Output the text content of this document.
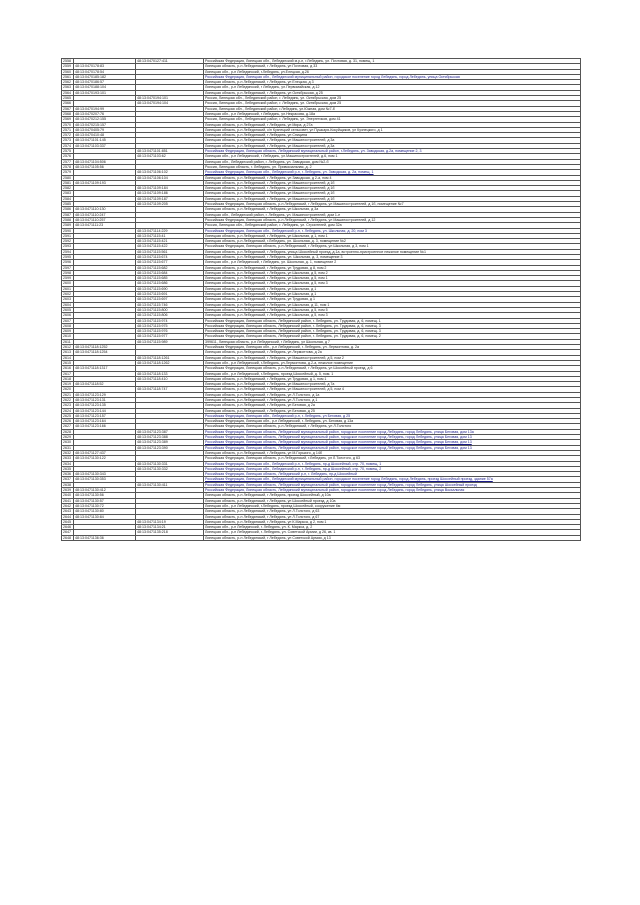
2558		48:13:0470127:411	Российская Федерация, Липецкая обл., Лебедянский м.р-н, г.Лебедянь, ул. Почтовая, д. 31, помещ. 1
2559	48:13:0470178:83		Липецкая область, р-н Лебедянский, г Лебедянь, ул Почтовая, д 33
2560	48:13:0470178:54		Липецкая обл., р-н Лебедянский, г.Лебедянь, ул.Елецкая, д.26
2561	48:13:0470185:182		Российская Федерация, Липецкая обл., Лебедянский муниципальный район, городское поселение город Лебедянь, город Лебедянь, улица Октябрьская
2562	48:13:0470186:57		Липецкая область, р-н Лебедянский, г Лебедянь, ул Елецкая, д 3
2563	48:13:0470188:104		Липецкая обл., р-н Лебедянский, г Лебедянь, ул.Первомайская, д.12
2564	48:13:0470193:101		Липецкая область, р-н Лебедянский, г Лебедянь, ул Октябрьская, д 25
2565		48:13:0470194:101	Россия, Липецкая обл., Лебедянский район, г. Лебедянь, ул. Октябрьская, дом 25
2566		48:13:0470194:104	Россия, Липецкая обл., Лебедянский район, г. Лебедянь, ул. Октябрьская, дом 25
2567	48:13:0470194:99		Россия, Липецкая обл., Лебедянский район, г.Лебедянь, ул.Южная, дом №7-б
2568	48:13:0470207:76		Липецкая обл., р-н Лебедянский, г Лебедянь, ул.Некрасова, д.18а
2569	48:13:0470212:155		Россия, Липецкая обл., Лебедянский район, г. Лебедянь, ул. Энергетиков, дом 41
2570	48:13:0470215:157		Липецкая область, р-н Лебедянский, г Лебедянь, ул Мира, д 27а
2571	48:13:0470405:79		Липецкая область, р-н Лебедянский, с/п Кузнецкий сельсовет, ул Пушкаря-Кокуйщиков, ул Кузнецкого, д 1
2572	48:13:0470410:48		Липецкая область, р-н Лебедянский, г Лебедянь, ул Спицина
2573	48:13:0471101:145		Липецкая область, р-н Лебедянский, г Лебедянь, ул Машиностроителей, д 3а
2574	48:13:0471103:337		Липецкая область, р-н Лебедянский, г Лебедянь, ул Машиностроителей, д 3а
2575		48:13:0471101:851	Российская Федерация, Липецкая область, Лебедянский муниципальный район, г.Лебедянь, ул. Заводская, д.2а, помещение 2, 3
2576		48:13:0471103:62	Липецкая обл., р-н Лебедянский, г Лебедянь, ул.Машиностроителей, д.6, пом 1
2577	48:13:0471104:506		Липецкая обл., Лебедянский район, г. Лебедянь, ул. Заводская, дом №2-б
2578	48:13:0471105:56		Россия, Липецкая область, г. Лебедянь, ул. Привокзальная, д. 2
2579		48:13:0471106:102	Российская Федерация, Липецкая обл., Лебедянский р-н, г. Лебедянь, ул. Заводская, д. 2а, помещ. 1
2580		48:13:0471106:104	Липецкая область, р-н Лебедянский, г Лебедянь, ул Заводская, д 2-а, пом 4
2581	48:13:0471109:193		Липецкая область, р-н Лебедянский, г Лебедянь, ул Машиностроителей, д 1б
2582		48:13:0471109:184	Липецкая область, р-н Лебедянский, г Лебедянь, ул Машиностроителей, д 1б
2583		48:13:0471109:186	Липецкая область, р-н Лебедянский, г Лебедянь, ул Машиностроителей, д 1б
2584		48:13:0471109:187	Липецкая область, р-н Лебедянский, г Лебедянь, ул Машиностроителей, д 1б
2585		48:13:0471109:205	Российская Федерация, Липецкая область, р-н Лебедянский, г Лебедянь, ул Машиностроителей, д 1б, помещение №7
2586	48:13:0471110:130		Липецкая область, р-н Лебедянский, г Лебедянь, ул Школьная, д 3а
2587	48:13:0471110:247		Липецкая обл., Лебедянский район, г. Лебедянь, ул. Машиностроителей, дом 1-е
2588	48:13:0471110:257		Российская Федерация, Липецкая область, р-н Лебедянский, г Лебедянь, ул Машиностроителей, д 12
2589	48:13:0471111:23		Россия, Липецкая обл., Лебедянский район, г. Лебедянь, ул. Строителей, дом 32а
2590		48:13:0471114:229	Российская Федерация, Липецкая обл., Лебедянский р-н, г. Лебедянь, ул. Школьная, д. 20, пом 3
2591		48:13:0471115:41	Липецкая область, р-н Лебедянский, г Лебедянь, ул Школьная, д 1, пом 1
2592		48:13:0471115:421	Липецкая область, р-н Лебедянский, г.Лебедянь, ул. Школьная, д. 3, помещение №2
2593		48:13:0471115:422	Российская Федерация, Липецкая область, р-н Лебедянский, г Лебедянь, ул Школьная, д 3, пом 1
2594		48:13:0471115:561	Липецкая область, р-н Лебедянский, г Лебедянь, улица Шоссейный проезд, д.1а, встроенно-пристроенное нежилое помещение №1
2595		48:13:0471115:674	Липецкая область, р-н Лебедянский, г Лебедянь, ул. Школьная, д. 3, помещение 3
2596		48:13:0471115:677	Липецкая обл., р-н Лебедянский, г Лебедянь, ул. Школьная, д. 1, помещение 2
2597		48:13:0471115:682	Липецкая область, р-н Лебедянский, г Лебедянь, ул Трудовая, д 8, пом 2
2598		48:13:0471115:684	Липецкая область, р-н Лебедянский, г Лебедянь, ул Школьная, д 5, пом 2
2599		48:13:0471115:685	Липецкая область, р-н Лебедянский, г Лебедянь, ул Школьная, д 5, пом 1
2600		48:13:0471115:686	Липецкая область, р-н Лебедянский, г Лебедянь, ул Школьная, д 5, пом 3
2601		48:13:0471115:690	Липецкая область, р-н Лебедянский, г Лебедянь, ул Школьная, д 1
2602		48:13:0471115:691	Липецкая область, р-н Лебедянский, г Лебедянь, ул Школьная, д 1
2603		48:13:0471115:697	Липецкая область, р-н Лебедянский, г Лебедянь, ул Трудовая, д 1
2604		48:13:0471115:746	Липецкая область, р-н Лебедянский, г Лебедянь, ул Школьная, д 11, пом 1
2605		48:13:0471115:800	Липецкая область, р-н Лебедянский, г Лебедянь, ул Школьная, д 5, пом 5
2606		48:13:0471115:806	Липецкая область, р-н Лебедянский, г Лебедянь, ул Школьная, д 5, пом 3
2607		48:13:0471115:974	Российская Федерация, Липецкая область, Лебедянский район, г. Лебедянь, ул. Трудовая, д. 6, помещ. 1
2608		48:13:0471115:975	Российская Федерация, Липецкая область, Лебедянский район, г. Лебедянь, ул. Трудовая, д. 6, помещ. 3
2609		48:13:0471115:976	Российская Федерация, Липецкая область, Лебедянский район, г. Лебедянь, ул. Трудовая, д. 6, помещ. 3
2610		48:13:0471115:977	Российская Федерация, Липецкая область, Лебедянский район, г. Лебедянь, ул. Трудовая, д. 6, помещ. 2
2611		48:13:0471115:989	399611, Липецкая область, р-н Лебедянский, г Лебедянь, ул Школьная, д 7
2612	48:13:0471118:1252		Российская Федерация, Липецкая обл., р-н Лебедянский, г. Лебедянь, ул. Лермонтова, д. 2а
2613	48:13:0471118:1254		Липецкая область, р-н Лебедянский, г Лебедянь, ул Лермонтова, д 2а
2614		48:13:0471118:1261	Липецкая область, р-н Лебедянский, г Лебедянь, ул Машиностроителей, д 5, пом 2
2615		48:13:0471118:1262	Липецкая обл., р-н Лебедянский, г.Лебедянь, ул.Лермонтова, д.2-а, нежилое помещение
2616	48:13:0471118:1317		Российская Федерация, Липецкая область, р-н Лебедянский, г Лебедянь, ул Шоссейный проезд, д 6
2617		48:13:0471118:133	Липецкая обл., р-н Лебедянский, г.Лебедянь, проезд Шоссейный, д. 5, пом. 1
2618		48:13:0471118:410	Липецкая область, р-н Лебедянский, г Лебедянь, ул Трудовая, д 1, пом 1
2619	48:13:0471118:52		Липецкая область, р-н Лебедянский, г Лебедянь, ул Машиностроителей, д 7а
2620		48:13:0471118:747	Липецкая область, р-н Лебедянский, г Лебедянь, ул Машиностроителей, д 5, пом 4
2621	48:13:0471123:129		Липецкая область, р-н Лебедянский, г Лебедянь, ул Л.Толстого, д 1а
2622	48:13:0471123:131		Липецкая область, р-н Лебедянский, г Лебедянь, ул Л.Толстого, д 1
2623	48:13:0471123:135		Липецкая область, р-н Лебедянский, г Лебедянь, ул Беговая, д 2а
2624	48:13:0471123:144		Липецкая область, р-н Лебедянский, г Лебедянь, ул Беговая, д 25
2625	48:13:0471123:157		Российская Федерация, Липецкая обл., Лебедянский р-н, г. Лебедянь, ул Беговая, д 25
2626	48:13:0471123:164		Российская Федерация, Липецкая обл., р-н Лебедянский, г. Лебедянь, ул. Беговая, д 13а
2627	48:13:0471123:166		Российская Федерация, Липецкая область, р-н Лебедянский, г Лебедянь, ул Л.Толстого
2628		48:13:0471123:387	Российская Федерация, Липецкая область, Лебедянский муниципальный район, городское поселение город Лебедянь, город Лебедянь, улица Беговая, дом 13а
2629		48:13:0471123:388	Российская Федерация, Липецкая область, Лебедянский муниципальный район, городское поселение город Лебедянь, город Лебедянь, улица Беговая, дом 13
2630		48:13:0471123:389	Российская Федерация, Липецкая область, Лебедянский муниципальный район, городское поселение город Лебедянь, город Лебедянь, улица Беговая, дом 13
2631		48:13:0471123:390	Российская Федерация, Липецкая область, Лебедянский муниципальный район, городское поселение город Лебедянь, город Лебедянь, улица Беговая, дом 13
2632	48:13:0471127:437		Липецкая область, р-н Лебедянский, г Лебедянь, ул М.Горького, д 14б
2633	48:13:0471130:122		Российская Федерация, Липецкая область, р-н Лебедянский, г.Лебедянь, ул Л.Толстого, д 63
2634		48:13:0471130:331	Российская Федерация, Липецкая обл., Лебедянский р-н, г. Лебедянь, пр-д Шоссейный, стр. 70, помещ. 1
2635		48:13:0471130:332	Российская Федерация, Липецкая обл., Лебедянский р-н, г. Лебедянь, пр-д Шоссейный, стр. 70, помещ. 2
2636	48:13:0471130:343		Российская Федерация, Липецкая область, Лебедянский р-н, г. Лебедянь, пр-д Шоссейный
2637	48:13:0471130:353		Российская Федерация, Липецкая обл., Лебедянский муниципальный район, городское поселение город Лебедянь, город Лебедянь, проезд Шоссейный проезд, здание 57а
2638		48:13:0471130:411	Российская Федерация, Липецкая область, Лебедянский муниципальный район, городское поселение город Лебедянь, город Лебедянь, улица Шоссейный проезд
2639	48:13:0471130:412		Российская Федерация, Липецкая область, Лебедянский муниципальный район, городское поселение город Лебедянь, город Лебедянь, улица Вокзальная
2640	48:13:0471130:56		Липецкая область, р-н Лебедянский, г Лебедянь, проезд Шоссейный, д 10а
2641	48:13:0471130:57		Липецкая область, р-н Лебедянский, г Лебедянь, ул Шоссейный проезд, д 10а
2642	48:13:0471130:72		Липецкая обл., р-н Лебедянский, г.Лебедянь, проезд Шоссейный, сооружение 6м
2643	48:13:0471130:80		Липецкая область, р-н Лебедянский, г Лебедянь, ул Л.Толстого, д 63
2644	48:13:0471130:84		Липецкая область, р-н Лебедянский, г Лебедянь, ул Л.Толстого, д 67
2645		48:13:0471134:19	Липецкая область, р-н Лебедянский, г Лебедянь, ул К.Маркса, д 2, пом 1
2646		48:13:0471134:21	Липецкая обл., р-н Лебедянский, г. Лебедянь, ул. К. Маркса, д. 2
2647		48:13:0471135:218	Липецкая обл., р-н Лебедянский, г. Лебедянь, ул. Советской Армии, д 26, кв. 1
2648	48:13:0471136:36		Липецкая область, р-н Лебедянский, г Лебедянь, ул Советской Армии, д 13
